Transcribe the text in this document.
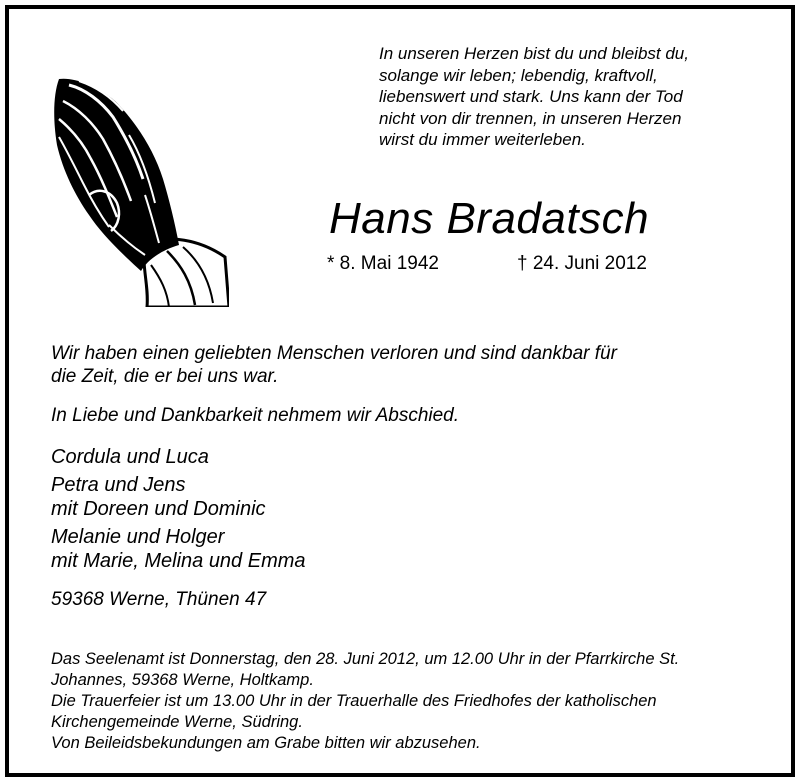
In unseren Herzen bist du und bleibst du,
solange wir leben; lebendig, kraftvoll,
liebenswert und stark. Uns kann der Tod
nicht von dir trennen, in unseren Herzen
wirst du immer weiterleben.
Hans Bradatsch
* 8. Mai 1942	† 24. Juni 2012

Wir haben einen geliebten Menschen verloren und sind dankbar für

die Zeit, die er bei uns war.

In Liebe und Dankbarkeit nehmem wir Abschied.

Cordula und Luca
Petra und Jens
mit Doreen und Dominic
Melanie und Holger
mit Marie, Melina und Emma
59368 Werne, Thünen 47

Das Seelenamt ist Donnerstag, den 28. Juni 2012, um 12.00 Uhr in der Pfarrkirche St.

Johannes, 59368 Werne, Holtkamp.

Die Trauerfeier ist um 13.00 Uhr in der Trauerhalle des Friedhofes der katholischen

Kirchengemeinde Werne, Südring.

Von Beileidsbekundungen am Grabe bitten wir abzusehen.
